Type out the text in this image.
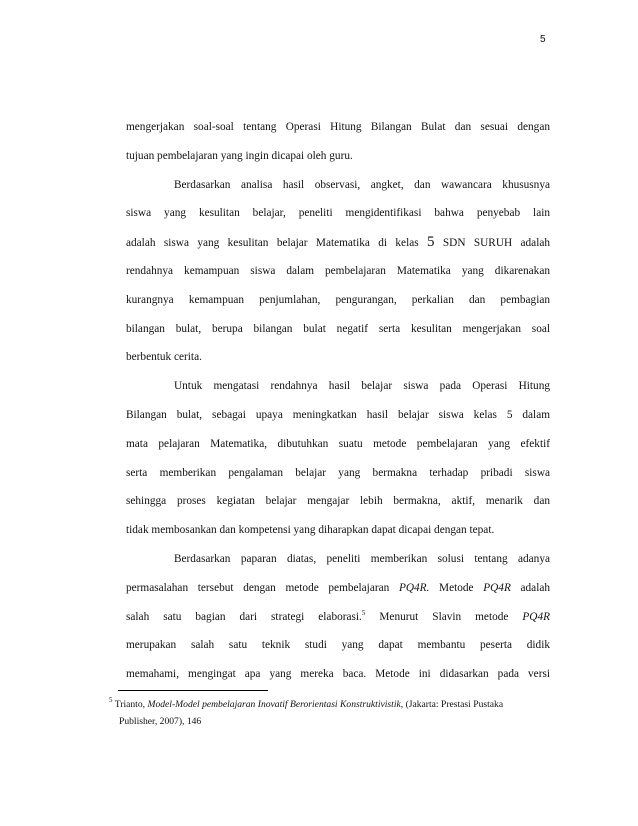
5
mengerjakan soal-soal tentang Operasi Hitung Bilangan Bulat dan sesuai dengan
tujuan pembelajaran yang ingin dicapai oleh guru.
Berdasarkan analisa hasil observasi, angket, dan wawancara khususnya
siswa yang kesulitan belajar, peneliti mengidentifikasi bahwa penyebab lain
adalah siswa yang kesulitan belajar Matematika di kelas 5 SDN SURUH adalah
rendahnya kemampuan siswa dalam pembelajaran Matematika yang dikarenakan
kurangnya kemampuan penjumlahan, pengurangan, perkalian dan pembagian
bilangan bulat, berupa bilangan bulat negatif serta kesulitan mengerjakan soal
berbentuk cerita.
Untuk mengatasi rendahnya hasil belajar siswa pada Operasi Hitung
Bilangan bulat, sebagai upaya meningkatkan hasil belajar siswa kelas 5 dalam
mata pelajaran Matematika, dibutuhkan suatu metode pembelajaran yang efektif
serta memberikan pengalaman belajar yang bermakna terhadap pribadi siswa
sehingga proses kegiatan belajar mengajar lebih bermakna, aktif, menarik dan
tidak membosankan dan kompetensi yang diharapkan dapat dicapai dengan tepat.
Berdasarkan paparan diatas, peneliti memberikan solusi tentang adanya
permasalahan tersebut dengan metode pembelajaran PQ4R. Metode PQ4R adalah
salah satu bagian dari strategi elaborasi.$^5$ Menurut Slavin metode PQ4R
merupakan salah satu teknik studi yang dapat membantu peserta didik
memahami, mengingat apa yang mereka baca. Metode ini didasarkan pada versi
$^5$ Trianto, Model-Model pembelajaran Inovatif Berorientasi Konstruktivistik, (Jakarta: Prestasi Pustaka
Publisher, 2007), 146
